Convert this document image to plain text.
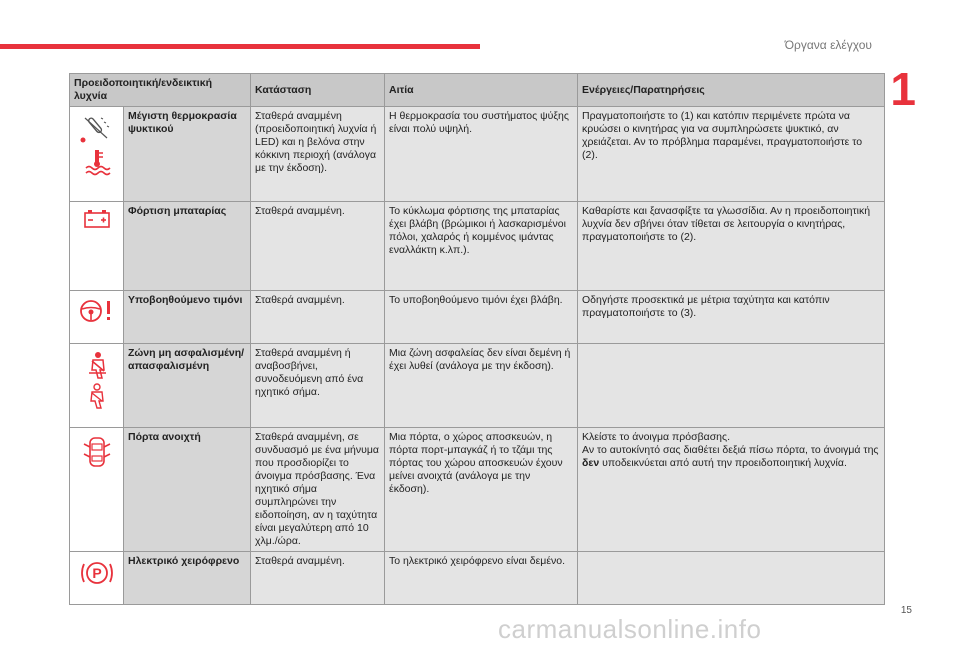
Όργανα ελέγχου
1
Προειδοποιητική/ενδεικτική λυχνία		Κατάσταση	Αιτία	Ενέργειες/Παρατηρήσεις

	Μέγιστη θερμοκρασία ψυκτικού	Σταθερά αναμμένη (προειδοποιητική λυχνία ή LED) και η βελόνα στην κόκκινη περιοχή (ανάλογα με την έκδοση).	Η θερμοκρασία του συστήματος ψύξης είναι πολύ υψηλή.	Πραγματοποιήστε το (1) και κατόπιν περιμένετε πρώτα να κρυώσει ο κινητήρας για να συμπληρώσετε ψυκτικό, αν χρειάζεται. Αν το πρόβλημα παραμένει, πραγματοποιήστε το (2).

	Φόρτιση μπαταρίας	Σταθερά αναμμένη.	Το κύκλωμα φόρτισης της μπαταρίας έχει βλάβη (βρώμικοι ή λασκαρισμένοι πόλοι, χαλαρός ή κομμένος ιμάντας εναλλάκτη κ.λπ.).	Καθαρίστε και ξανασφίξτε τα γλωσσίδια. Αν η προειδοποιητική λυχνία δεν σβήνει όταν τίθεται σε λειτουργία ο κινητήρας, πραγματοποιήστε το (2).

	Υποβοηθούμενο τιμόνι	Σταθερά αναμμένη.	Το υποβοηθούμενο τιμόνι έχει βλάβη.	Οδηγήστε προσεκτικά με μέτρια ταχύτητα και κατόπιν πραγματοποιήστε το (3).

	Ζώνη μη ασφαλισμένη/ απασφαλισμένη	Σταθερά αναμμένη ή αναβοσβήνει, συνοδευόμενη από ένα ηχητικό σήμα.	Μια ζώνη ασφαλείας δεν είναι δεμένη ή έχει λυθεί (ανάλογα με την έκδοση).	

	Πόρτα ανοιχτή	Σταθερά αναμμένη, σε συνδυασμό με ένα μήνυμα που προσδιορίζει το άνοιγμα πρόσβασης. Ένα ηχητικό σήμα συμπληρώνει την ειδοποίηση, αν η ταχύτητα είναι μεγαλύτερη από 10 χλμ./ώρα.	Μια πόρτα, ο χώρος αποσκευών, η πόρτα πορτ-μπαγκάζ ή το τζάμι της πόρτας του χώρου αποσκευών έχουν μείνει ανοιχτά (ανάλογα με την έκδοση).	Κλείστε το άνοιγμα πρόσβασης.
Αν το αυτοκίνητό σας διαθέτει δεξιά πίσω πόρτα, το άνοιγμά της δεν υποδεικνύεται από αυτή την προειδοποιητική λυχνία.

P	Ηλεκτρικό χειρόφρενο	Σταθερά αναμμένη.	Το ηλεκτρικό χειρόφρενο είναι δεμένο.	
15
carmanualsonline.info
